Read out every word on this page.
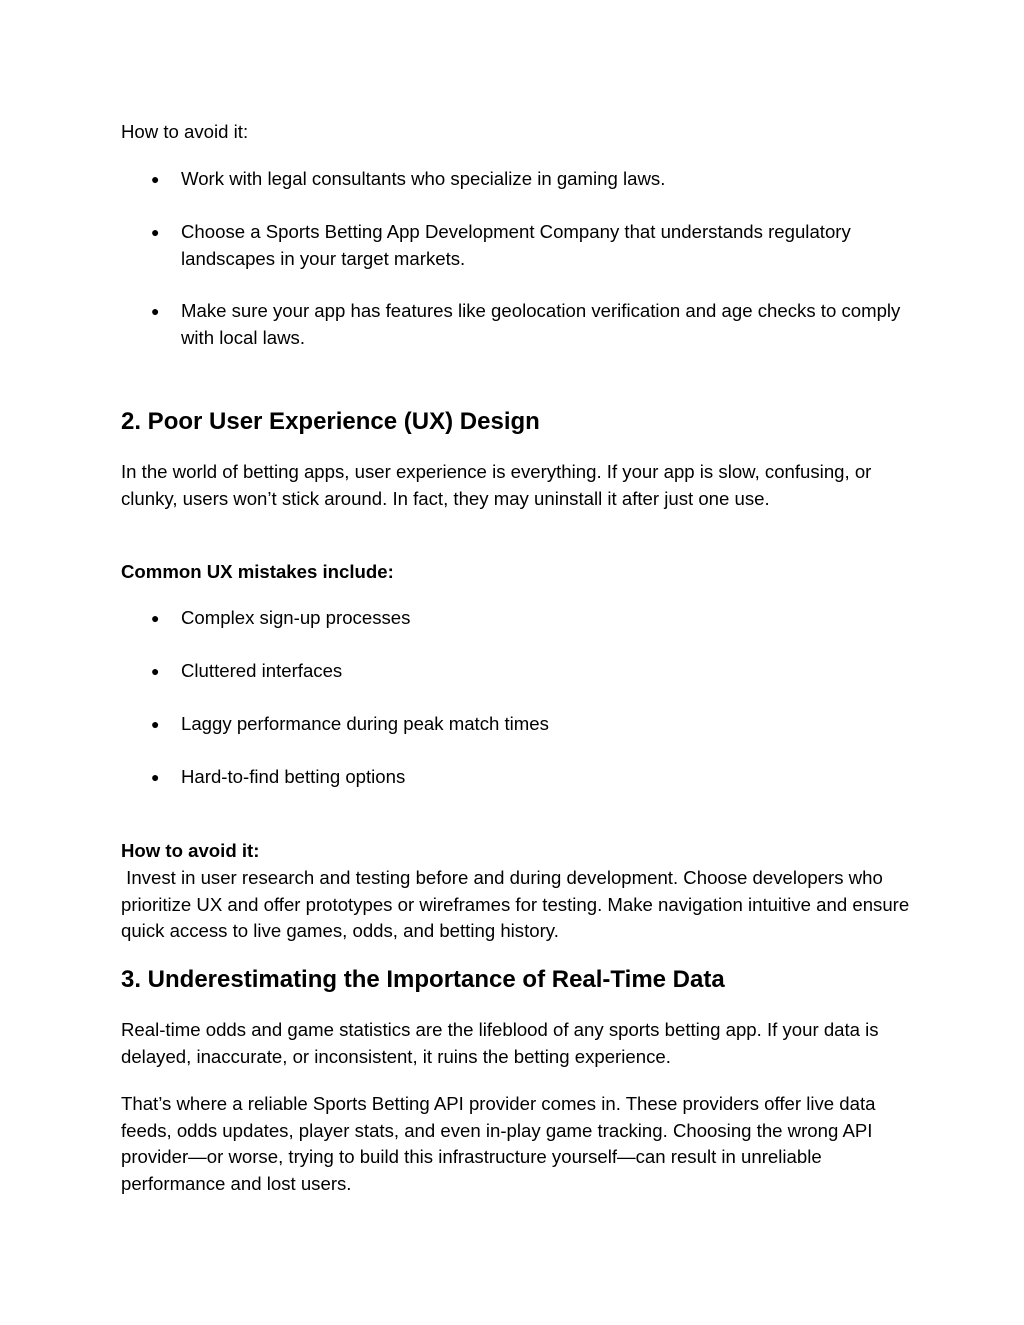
How to avoid it:

● Work with legal consultants who specialize in gaming laws.
● Choose a Sports Betting App Development Company that understands regulatory landscapes in your target markets.
● Make sure your app has features like geolocation verification and age checks to comply with local laws.
2. Poor User Experience (UX) Design

In the world of betting apps, user experience is everything. If your app is slow, confusing, or clunky, users won’t stick around. In fact, they may uninstall it after just one use.

Common UX mistakes include:

● Complex sign-up processes
● Cluttered interfaces
● Laggy performance during peak match times
● Hard-to-find betting options

How to avoid it:

Invest in user research and testing before and during development. Choose developers who prioritize UX and offer prototypes or wireframes for testing. Make navigation intuitive and ensure quick access to live games, odds, and betting history.

3. Underestimating the Importance of Real-Time Data

Real-time odds and game statistics are the lifeblood of any sports betting app. If your data is delayed, inaccurate, or inconsistent, it ruins the betting experience.

That’s where a reliable Sports Betting API provider comes in. These providers offer live data feeds, odds updates, player stats, and even in-play game tracking. Choosing the wrong API provider—or worse, trying to build this infrastructure yourself—can result in unreliable performance and lost users.
